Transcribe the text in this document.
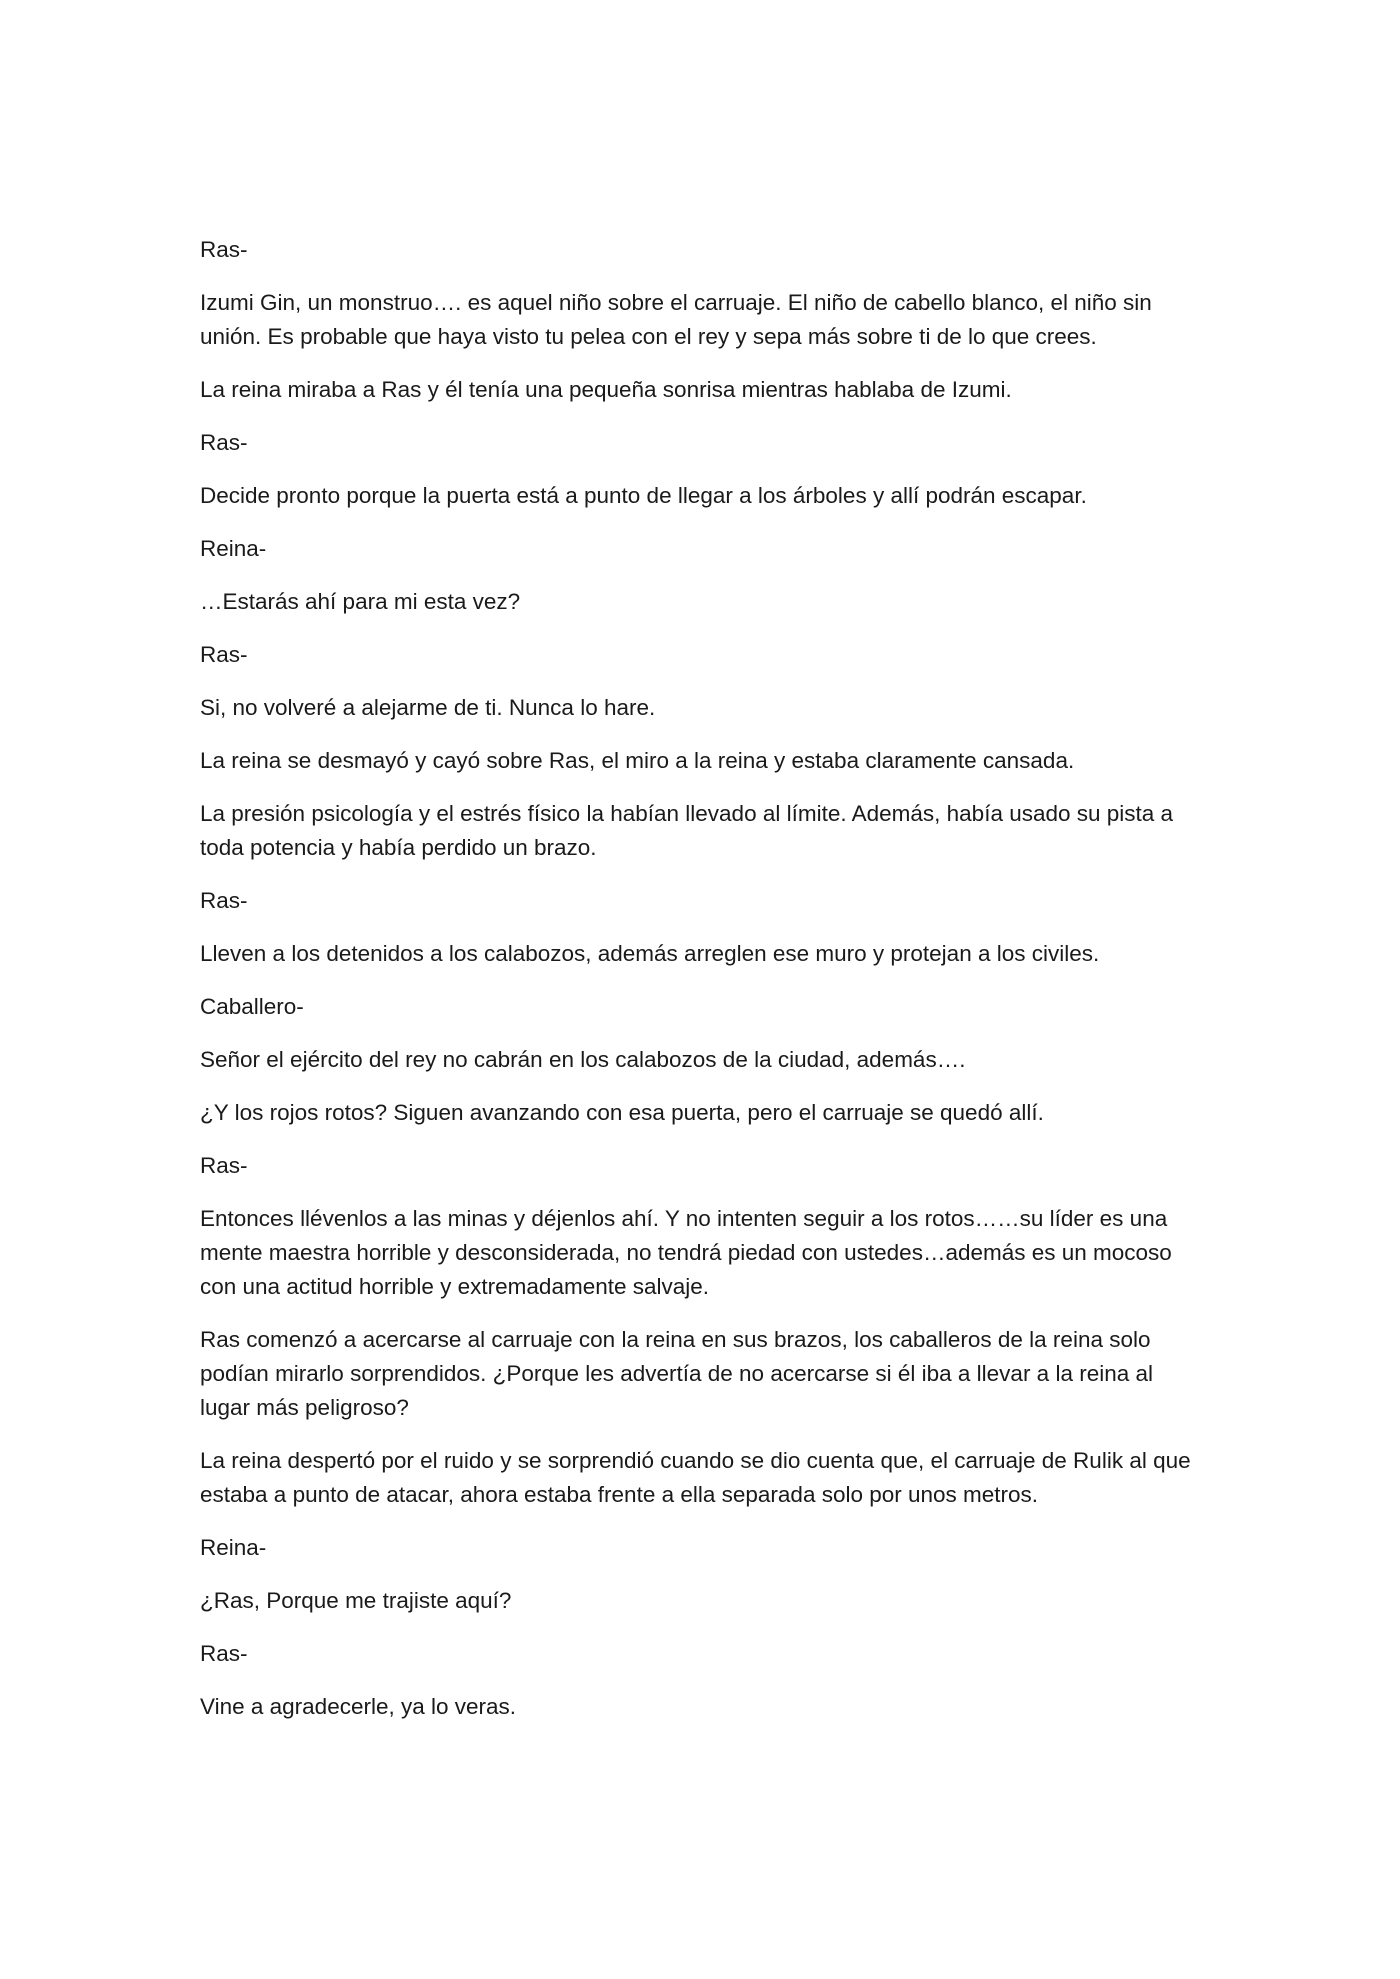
Ras-

Izumi Gin, un monstruo…. es aquel niño sobre el carruaje. El niño de cabello blanco, el niño sin unión. Es probable que haya visto tu pelea con el rey y sepa más sobre ti de lo que crees.

La reina miraba a Ras y él tenía una pequeña sonrisa mientras hablaba de Izumi.

Ras-

Decide pronto porque la puerta está a punto de llegar a los árboles y allí podrán escapar.

Reina-

…Estarás ahí para mi esta vez?

Ras-

Si, no volveré a alejarme de ti. Nunca lo hare.

La reina se desmayó y cayó sobre Ras, el miro a la reina y estaba claramente cansada.

La presión psicología y el estrés físico la habían llevado al límite. Además, había usado su pista a toda potencia y había perdido un brazo.

Ras-

Lleven a los detenidos a los calabozos, además arreglen ese muro y protejan a los civiles.

Caballero-

Señor el ejército del rey no cabrán en los calabozos de la ciudad, además….

¿Y los rojos rotos? Siguen avanzando con esa puerta, pero el carruaje se quedó allí.

Ras-

Entonces llévenlos a las minas y déjenlos ahí. Y no intenten seguir a los rotos……su líder es una mente maestra horrible y desconsiderada, no tendrá piedad con ustedes…además es un mocoso con una actitud horrible y extremadamente salvaje.

Ras comenzó a acercarse al carruaje con la reina en sus brazos, los caballeros de la reina solo podían mirarlo sorprendidos. ¿Porque les advertía de no acercarse si él iba a llevar a la reina al lugar más peligroso?

La reina despertó por el ruido y se sorprendió cuando se dio cuenta que, el carruaje de Rulik al que estaba a punto de atacar, ahora estaba frente a ella separada solo por unos metros.

Reina-

¿Ras, Porque me trajiste aquí?

Ras-

Vine a agradecerle, ya lo veras.
